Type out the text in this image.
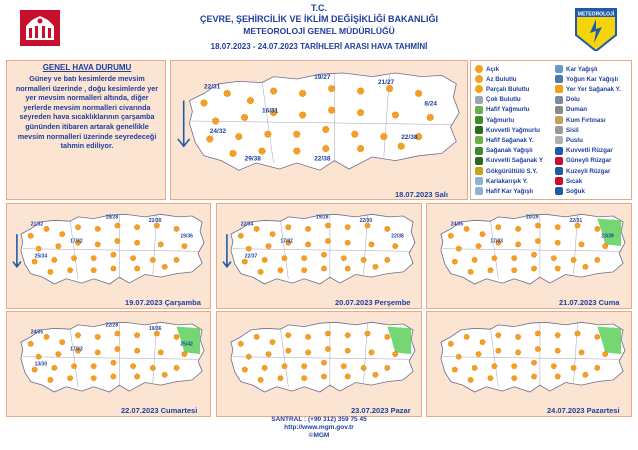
T.C.
ÇEVRE, ŞEHİRCİLİK VE İKLİM DEĞİŞİKLİĞİ BAKANLIĞI
METEOROLOJİ GENEL MÜDÜRLÜĞÜ
18.07.2023 - 24.07.2023 TARİHLERİ ARASI HAVA TAHMİNİ
METEOROLOJİ
GENEL HAVA DURUMU
Güney ve batı kesimlerde mevsim normalleri üzerinde , doğu kesimlerde yer yer mevsim normalleri altında, diğer yerlerde mevsim normalleri civarında seyreden hava sıcaklıklarının çarşamba gününden itibaren artarak genellikle mevsim normalleri üzerinde seyredeceği tahmin ediliyor.
22/31
19/27
21/27
16/31
8/24
24/32
22/38
29/38	22/38
18.07.2023 Salı
21/32
18/28
22/30
17/32
19/36
25/34
19.07.2023 Çarşamba
22/34
19/28
22/30
17/32
22/38
22/37
20.07.2023 Perşembe
24/35
20/29
22/31
17/33
23/39
21.07.2023 Cuma
24/35
22/28
19/36
17/33
25/42
13/30
22.07.2023 Cumartesi	23.07.2023 Pazar	24.07.2023 Pazartesi
Açık
Az Bulutlu
Parçalı Bulutlu
Çok Bulutlu
Hafif Yağmurlu
Yağmurlu
Kuvvetli Yağmurlu
Hafif Sağanak Y.
Sağanak Yağışlı
Kuvvetli Sağanak Y
Gökgürültülü S.Y.
Karlakarışık Y.
Hafif Kar Yağışlı
Kar Yağışlı
Yoğun Kar Yağışlı
Yer Yer Sağanak Y.
Dolu
Duman
Kum Fırtınası
Sisli
Puslu
Kuvvetli Rüzgar
Güneyli Rüzgar
Kuzeyli Rüzgar
Sıcak
Soğuk
SANTRAL : (+90 312) 359 75 45
http://www.mgm.gov.tr
©MGM
